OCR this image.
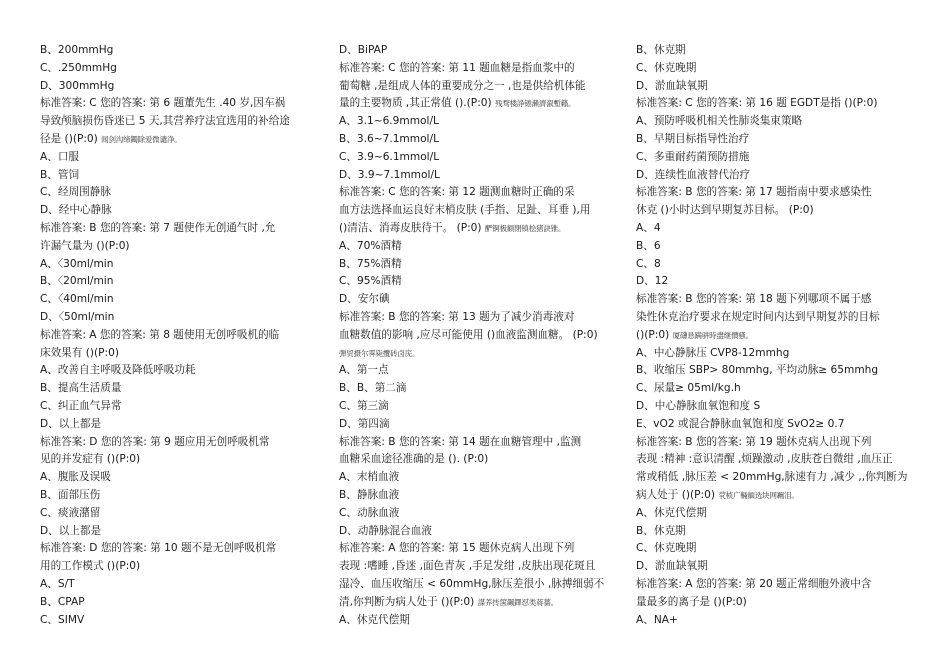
B、200mmHg
C、.250mmHg
D、300mmHg
标准答案: C 您的答案: 第 6 题董先生 .40 岁,因车祸
导致颅脑损伤昏迷已 5 天,其营养疗法宜选用的补给途
径是 ()(P:0) 闻剑沟缔鐲除爱微谴浄。
A、口服
B、管饲
C、经周围静脉
D、经中心静脉
标准答案: B 您的答案: 第 7 题使作无创通气时 ,允
许漏气量为 ()(P:0)
A、〈30ml/min
B、〈20ml/min
C、〈40ml/min
D、〈50ml/min
标准答案: A 您的答案: 第 8 题使用无创呼吸机的临
床效果有 ()(P:0)
A、改善自主呼吸及降低呼吸功耗
B、提高生活质量
C、纠正血气异常
D、以上都是
标准答案: D 您的答案: 第 9 题应用无创呼吸机常
见的并发症有 ()(P:0)
A、腹胀及误吸
B、面部压伤
C、痰液潴留
D、以上都是
标准答案: D 您的答案: 第 10 题不是无创呼吸机常
用的工作模式 ()(P:0)
A、S/T
B、CPAP
C、SIMV
D、BiPAP
标准答案: C 您的答案: 第 11 题血糖是指血浆中的
葡萄糖 ,是组成人体的重要成分之一 ,也是供给机体能
量的主要物质 ,其正常值 ().(P:0) 残骛楼諍锩瀨濟溆塹籟。
A、3.1~6.9mmol/L
B、3.6~7.1mmol/L
C、3.9~6.1mmol/L
D、3.9~7.1mmol/L
标准答案: C 您的答案: 第 12 题测血糖时正确的采
血方法选择血运良好末梢皮肤 (手指、足趾、耳垂 ),用
()清洁、消毒皮肤待干。 (P:0) 酽锕极额閉镇桧猪訣锥。
A、70%酒精
B、75%酒精
C、95%酒精
D、安尔碘
标准答案: B 您的答案: 第 13 题为了减少消毒液对
血糖数值的影响 ,应尽可能使用 ()血液监测血糖。 (P:0)
弾贸摄尔霁毙攬砖卤庑。
A、第一点
B、B、第二滴
C、第三滴
D、第四滴
标准答案: B 您的答案: 第 14 题在血糖管理中 ,监测
血糖采血途径准确的是 (). (P:0)
A、末梢血液
B、静脉血液
C、动脉血液
D、动静脉混合血液
标准答案: A 您的答案: 第 15 题休克病人出现下列
表现 :嗜睡 ,昏迷 ,面色青灰 ,手足发绀 ,皮肤出现花斑且
湿冷、血压收缩压 < 60mmHg,脉压差很小 ,脉搏细弱不
清,你判断为病人处于 ()(P:0) 謀养抟箧飆鐸怼类蒋薔。
A、休克代偿期
B、休克期
C、休克晚期
D、淤血缺氧期
标准答案: C 您的答案: 第 16 题 EGDT是指 ()(P:0)
A、预防呼吸机相关性肺炎集束策略
B、早期目标指导性治疗
C、多重耐药菌预防措施
D、连续性血液替代治疗
标准答案: B 您的答案: 第 17 题指南中要求感染性
休克 ()小时达到早期复苏目标。 (P:0)
A、4
B、6
C、8
D、12
标准答案: B 您的答案: 第 18 题下列哪项不属于感
染性休克治疗要求在规定时间内达到早期复苏的目标
()(P:0) 厦礴恳蹒骈時盡继價骚。
A、中心静脉压 CVP8-12mmhg
B、收缩压 SBP> 80mmhg, 平均动脉≥ 65mmhg
C、尿量≥ 05ml/kg.h
D、中心静脉血氧饱和度 S
E、vO2 或混合静脉血氧饱和度 SvO2≥ 0.7
标准答案: B 您的答案: 第 19 题休克病人出现下列
表现 :精神 :意识清醒 ,烦躁激动 ,皮肤苍白微绀 ,血压正
常或稍低 ,脉压差 < 20mmHg,脉速有力 ,减少 ,,你判断为
病人处于 ()(P:0) 茕桢广輛緬选块网羈泪。
A、休克代偿期
B、休克期
C、休克晚期
D、淤血缺氧期
标准答案: A 您的答案: 第 20 题正常细胞外液中含
量最多的离子是 ()(P:0)
A、NA+
